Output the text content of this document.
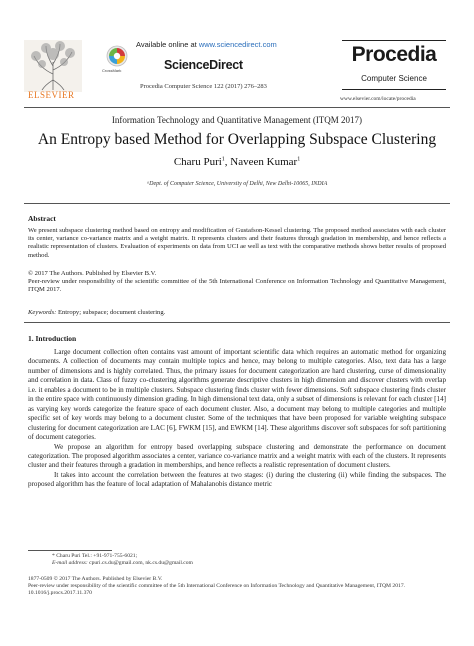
ELSEVIER
CrossMark
Available online at www.sciencedirect.com
ScienceDirect
Procedia Computer Science 122 (2017) 276–283
Procedia
Computer Science
www.elsevier.com/locate/procedia
Information Technology and Quantitative Management (ITQM 2017)
An Entropy based Method for Overlapping Subspace Clustering
Charu Puri$^1$, Naveen Kumar$^1$
ᵃDept. of Computer Science, University of Delhi, New Delhi-10065, INDIA
Abstract

We present subspace clustering method based on entropy and modification of Gustafson-Kessel clustering. The proposed method associates with each cluster its center, variance co-variance matrix and a weight matrix. It represents clusters and their features through gradation in membership, and hence reflects a realistic representation of clusters. Evaluation of experiments on data from UCI ae well as text with the comparative methods shows better results of proposed method.

© 2017 The Authors. Published by Elsevier B.V.

Peer-review under responsibility of the scientific committee of the 5th International Conference on Information Technology and Quantitative Management, ITQM 2017.

Keywords: Entropy; subspace; document clustering.
1. Introduction

Large document collection often contains vast amount of important scientific data which requires an automatic method for organizing documents. A collection of documents may contain multiple topics and hence, may belong to multiple categories. Also, text data has a large number of dimensions and is highly correlated. Thus, the primary issues for document categorization are hard clustering, curse of dimensionality and correlation in data. Class of fuzzy co-clustering algorithms generate descriptive clusters in high dimension and discover clusters with overlap i.e. it enables a document to be in multiple clusters. Subspace clustering finds cluster with fewer dimensions. Soft subspace clustering finds cluster in the entire space with continuously dimension grading. In high dimensional text data, only a subset of dimensions is relevant for each cluster [14] as varying key words categorize the feature space of each document cluster. Also, a document may belong to multiple categories and multiple specific set of key words may belong to a document cluster. Some of the techniques that have been proposed for variable weighting subspace clustering for document categorization are LAC [6], FWKM [15], and EWKM [14]. These algorithms discover soft subspaces for soft partitioning of document categories.

We propose an algorithm for entropy based overlapping subspace clustering and demonstrate the performance on document categorization. The proposed algorithm associates a center, variance co-variance matrix and a weight matrix with each of the clusters. It represents cluster and their features through a gradation in memberships, and hence reflects a realistic representation of document clusters.

It takes into account the correlation between the features at two stages: (i) during the clustering (ii) while finding the subspaces. The proposed algorithm has the feature of local adaptation of Mahalanobis distance metric

* Charu Puri Tel.: +91-971-755-6021;
E-mail address: cpuri.cs.du@gmail.com, nk.cs.du@gmail.com
1877-0509 © 2017 The Authors. Published by Elsevier B.V.
Peer-review under responsibility of the scientific committee of the 5th International Conference on Information Technology and Quantitative Management, ITQM 2017.
10.1016/j.procs.2017.11.370
